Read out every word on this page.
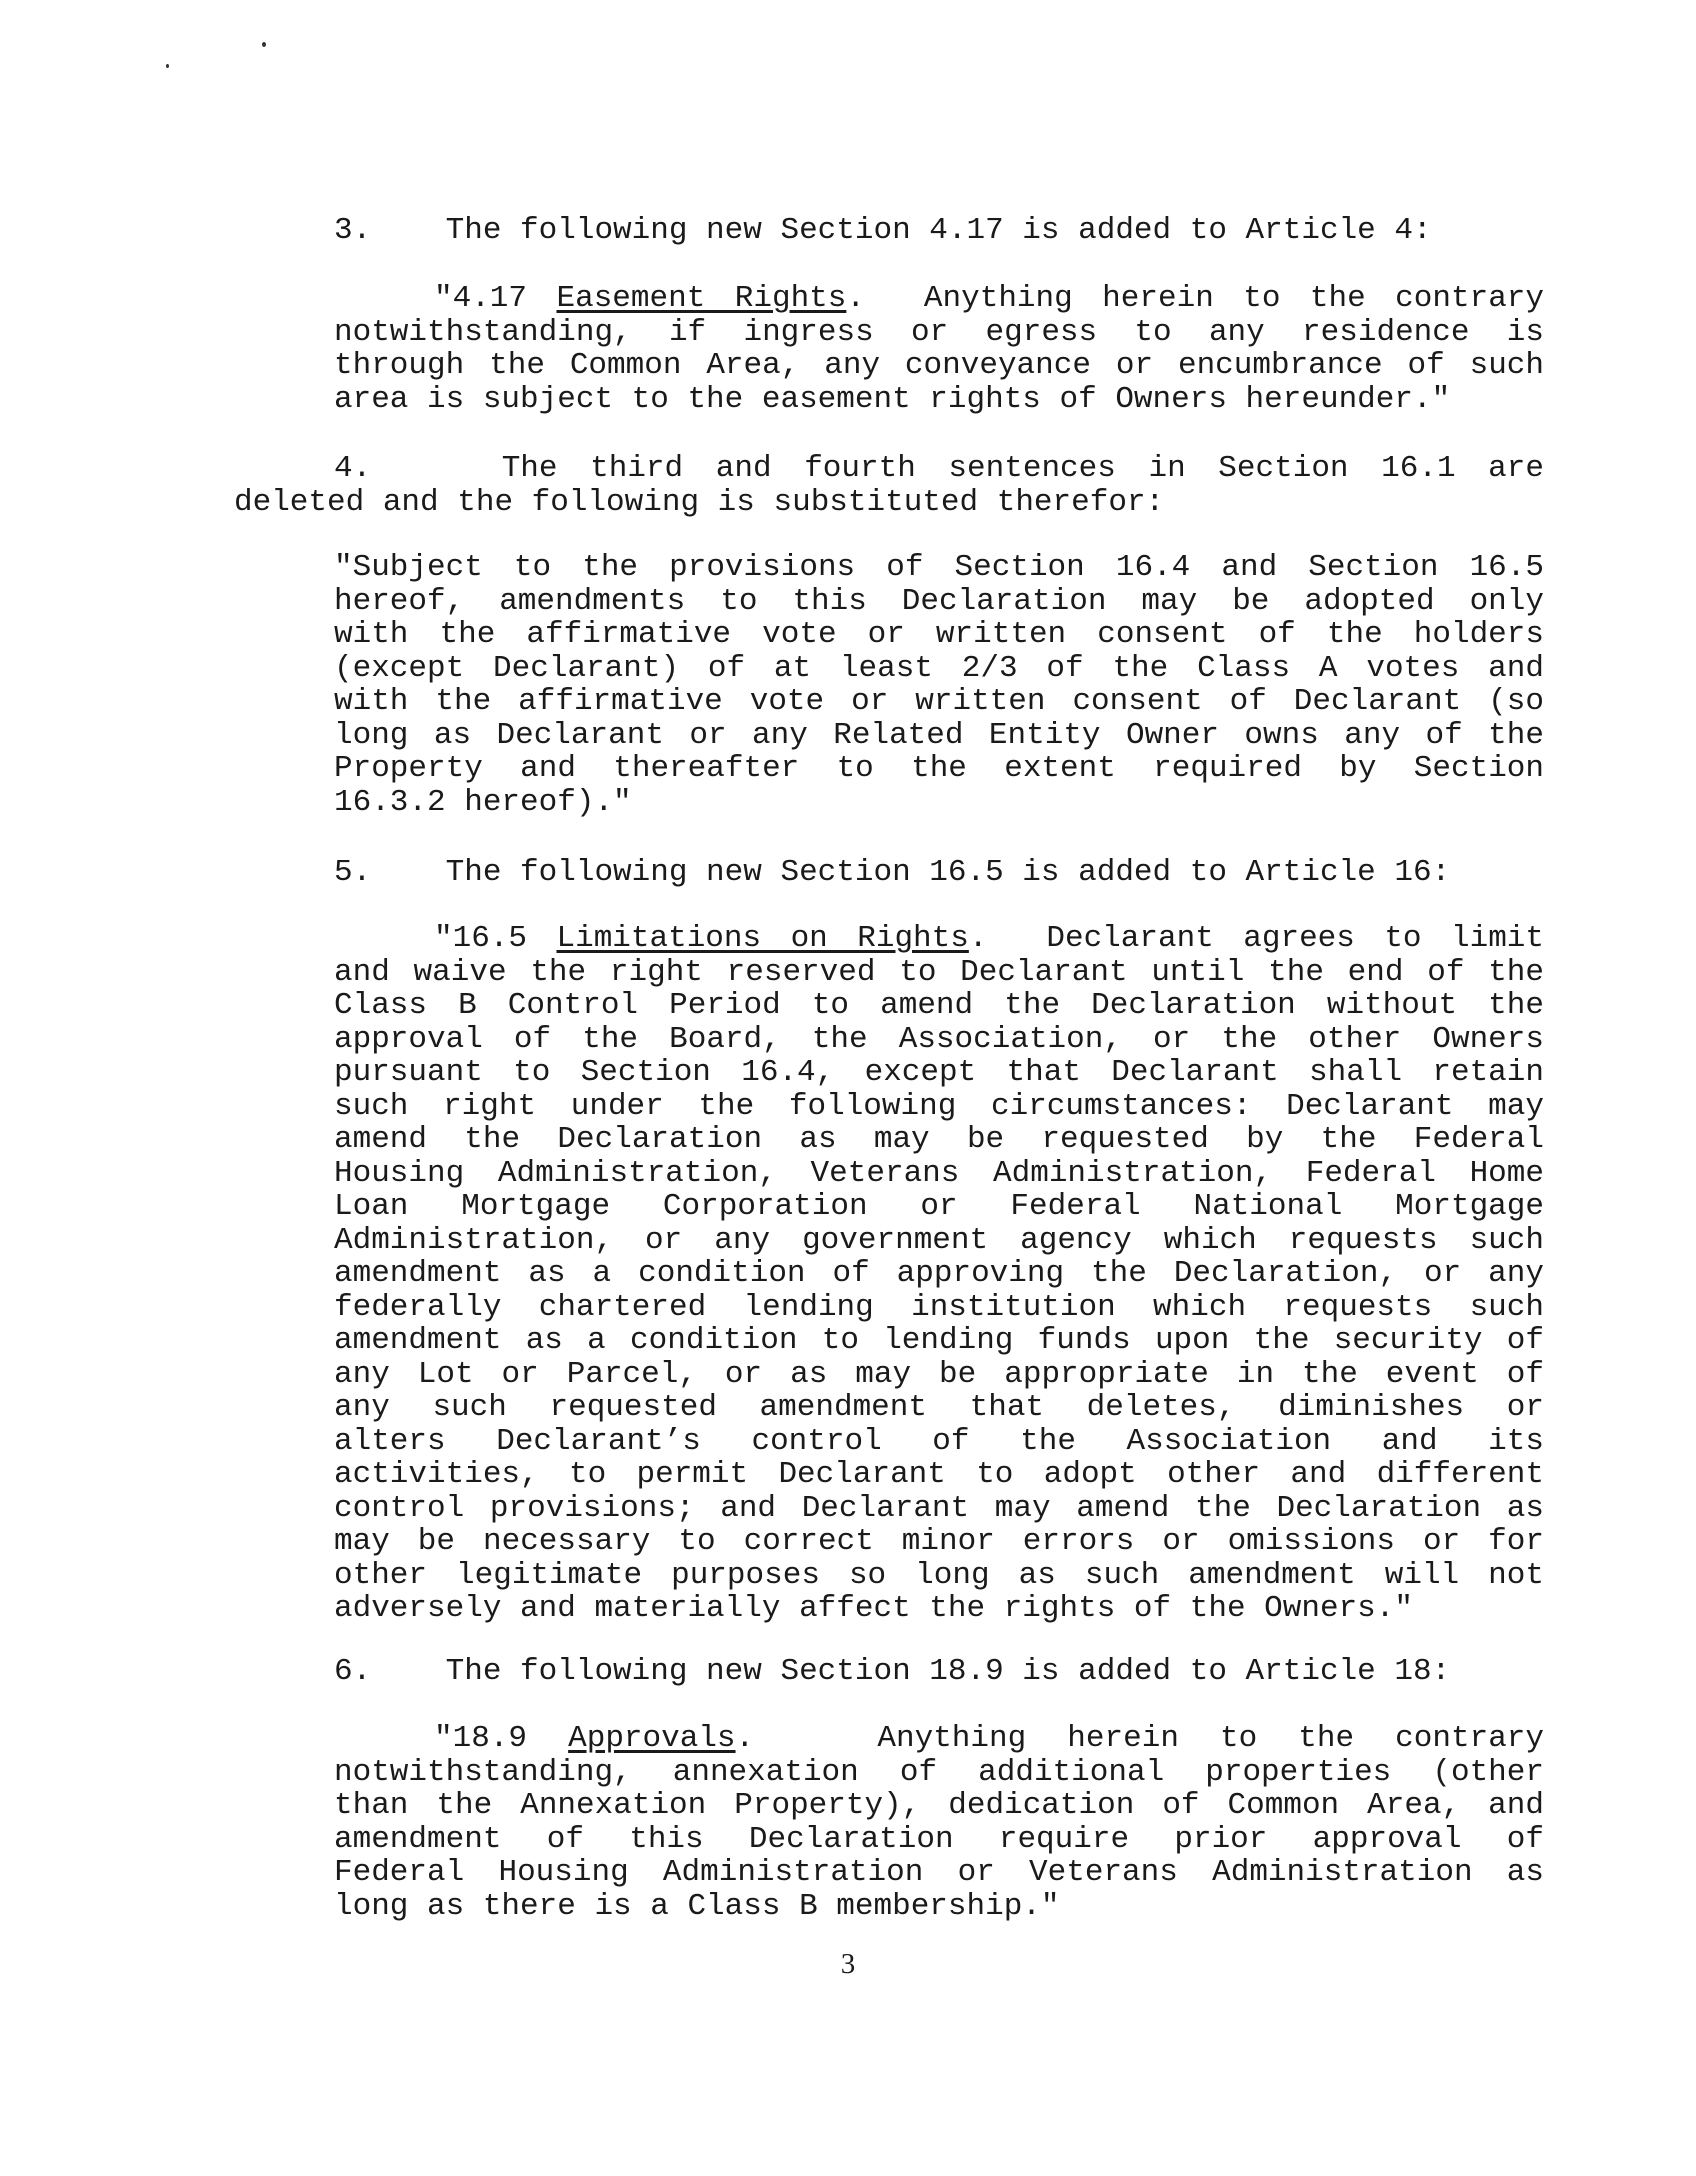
3.    The following new Section 4.17 is added to Article 4:
"4.17 Easement Rights.  Anything herein to the contrary
notwithstanding, if ingress or egress to any residence is
through the Common Area, any conveyance or encumbrance of such
area is subject to the easement rights of Owners hereunder."
4.    The third and fourth sentences in Section 16.1 are
deleted and the following is substituted therefor:
"Subject to the provisions of Section 16.4 and Section 16.5
hereof, amendments to this Declaration may be adopted only
with the affirmative vote or written consent of the holders
(except Declarant) of at least 2/3 of the Class A votes and
with the affirmative vote or written consent of Declarant (so
long as Declarant or any Related Entity Owner owns any of the
Property and thereafter to the extent required by Section
16.3.2 hereof)."
5.    The following new Section 16.5 is added to Article 16:
"16.5 Limitations on Rights.  Declarant agrees to limit
and waive the right reserved to Declarant until the end of the
Class B Control Period to amend the Declaration without the
approval of the Board, the Association, or the other Owners
pursuant to Section 16.4, except that Declarant shall retain
such right under the following circumstances: Declarant may
amend the Declaration as may be requested by the Federal
Housing Administration, Veterans Administration, Federal Home
Loan Mortgage Corporation or Federal National Mortgage
Administration, or any government agency which requests such
amendment as a condition of approving the Declaration, or any
federally chartered lending institution which requests such
amendment as a condition to lending funds upon the security of
any Lot or Parcel, or as may be appropriate in the event of
any such requested amendment that deletes, diminishes or
alters Declarant’s control of the Association and its
activities, to permit Declarant to adopt other and different
control provisions; and Declarant may amend the Declaration as
may be necessary to correct minor errors or omissions or for
other legitimate purposes so long as such amendment will not
adversely and materially affect the rights of the Owners."
6.    The following new Section 18.9 is added to Article 18:
"18.9 Approvals.   Anything herein to the contrary
notwithstanding, annexation of additional properties (other
than the Annexation Property), dedication of Common Area, and
amendment of this Declaration require prior approval of
Federal Housing Administration or Veterans Administration as
long as there is a Class B membership."
3
